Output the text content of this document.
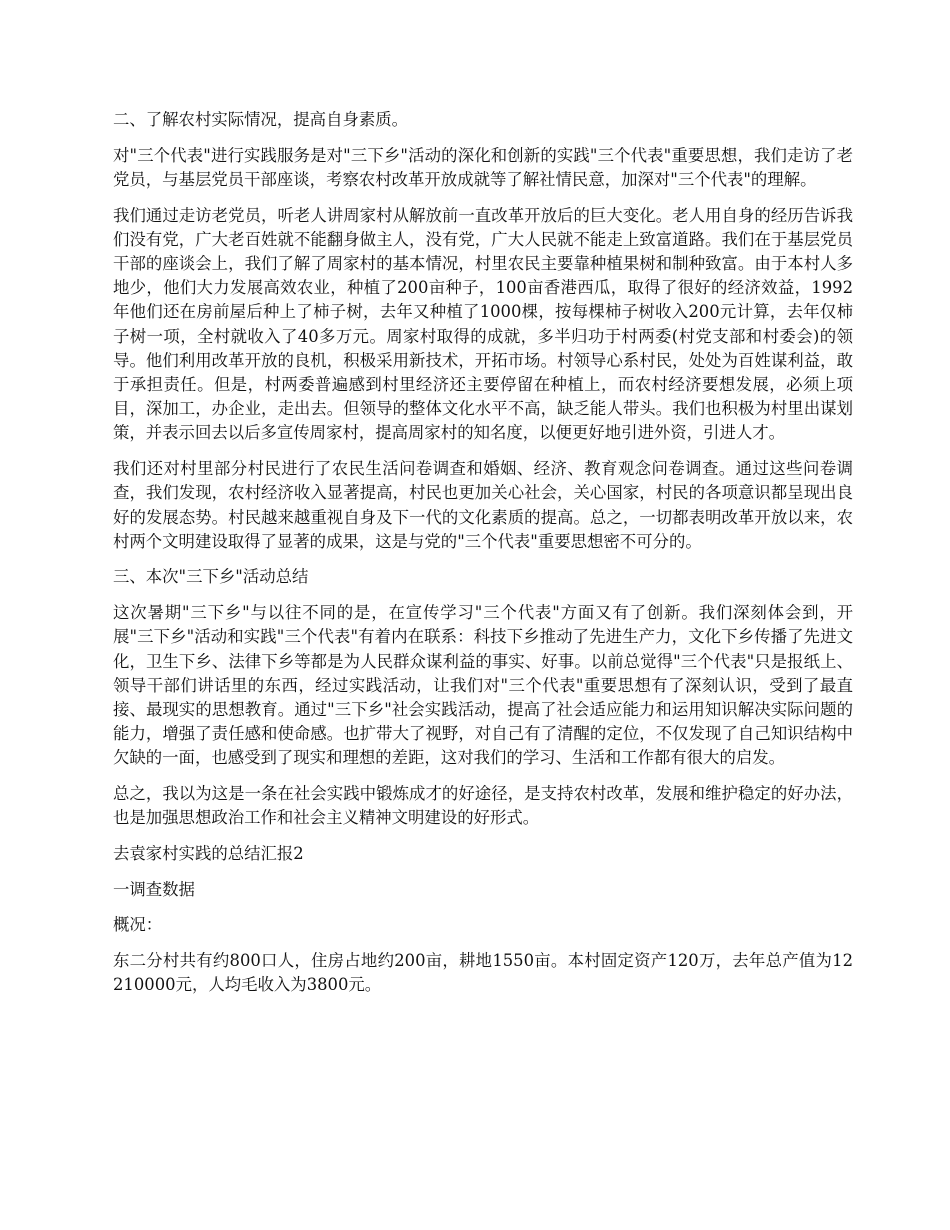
二、了解农村实际情况，提高自身素质。

对"三个代表"进行实践服务是对"三下乡"活动的深化和创新的实践"三个代表"重要思想，我们走访了老党员，与基层党员干部座谈，考察农村改革开放成就等了解社情民意，加深对"三个代表"的理解。

我们通过走访老党员，听老人讲周家村从解放前一直改革开放后的巨大变化。老人用自身的经历告诉我们没有党，广大老百姓就不能翻身做主人，没有党，广大人民就不能走上致富道路。我们在于基层党员干部的座谈会上，我们了解了周家村的基本情况，村里农民主要靠种植果树和制种致富。由于本村人多地少，他们大力发展高效农业，种植了200亩种子，100亩香港西瓜，取得了很好的经济效益，1992年他们还在房前屋后种上了柿子树，去年又种植了1000棵，按每棵柿子树收入200元计算，去年仅柿子树一项，全村就收入了40多万元。周家村取得的成就，多半归功于村两委(村党支部和村委会)的领导。他们利用改革开放的良机，积极采用新技术，开拓市场。村领导心系村民，处处为百姓谋利益，敢于承担责任。但是，村两委普遍感到村里经济还主要停留在种植上，而农村经济要想发展，必须上项目，深加工，办企业，走出去。但领导的整体文化水平不高，缺乏能人带头。我们也积极为村里出谋划策，并表示回去以后多宣传周家村，提高周家村的知名度，以便更好地引进外资，引进人才。

我们还对村里部分村民进行了农民生活问卷调查和婚姻、经济、教育观念问卷调查。通过这些问卷调查，我们发现，农村经济收入显著提高，村民也更加关心社会，关心国家，村民的各项意识都呈现出良好的发展态势。村民越来越重视自身及下一代的文化素质的提高。总之，一切都表明改革开放以来，农村两个文明建设取得了显著的成果，这是与党的"三个代表"重要思想密不可分的。

三、本次"三下乡"活动总结

这次暑期"三下乡"与以往不同的是，在宣传学习"三个代表"方面又有了创新。我们深刻体会到，开展"三下乡"活动和实践"三个代表"有着内在联系：科技下乡推动了先进生产力，文化下乡传播了先进文化，卫生下乡、法律下乡等都是为人民群众谋利益的事实、好事。以前总觉得"三个代表"只是报纸上、领导干部们讲话里的东西，经过实践活动，让我们对"三个代表"重要思想有了深刻认识，受到了最直接、最现实的思想教育。通过"三下乡"社会实践活动，提高了社会适应能力和运用知识解决实际问题的能力，增强了责任感和使命感。也扩带大了视野，对自己有了清醒的定位，不仅发现了自己知识结构中欠缺的一面，也感受到了现实和理想的差距，这对我们的学习、生活和工作都有很大的启发。

总之，我以为这是一条在社会实践中锻炼成才的好途径，是支持农村改革，发展和维护稳定的好办法，也是加强思想政治工作和社会主义精神文明建设的好形式。

去袁家村实践的总结汇报2

一调查数据

概况：

东二分村共有约800口人，住房占地约200亩，耕地1550亩。本村固定资产120万，去年总产值为12210000元，人均毛收入为3800元。
